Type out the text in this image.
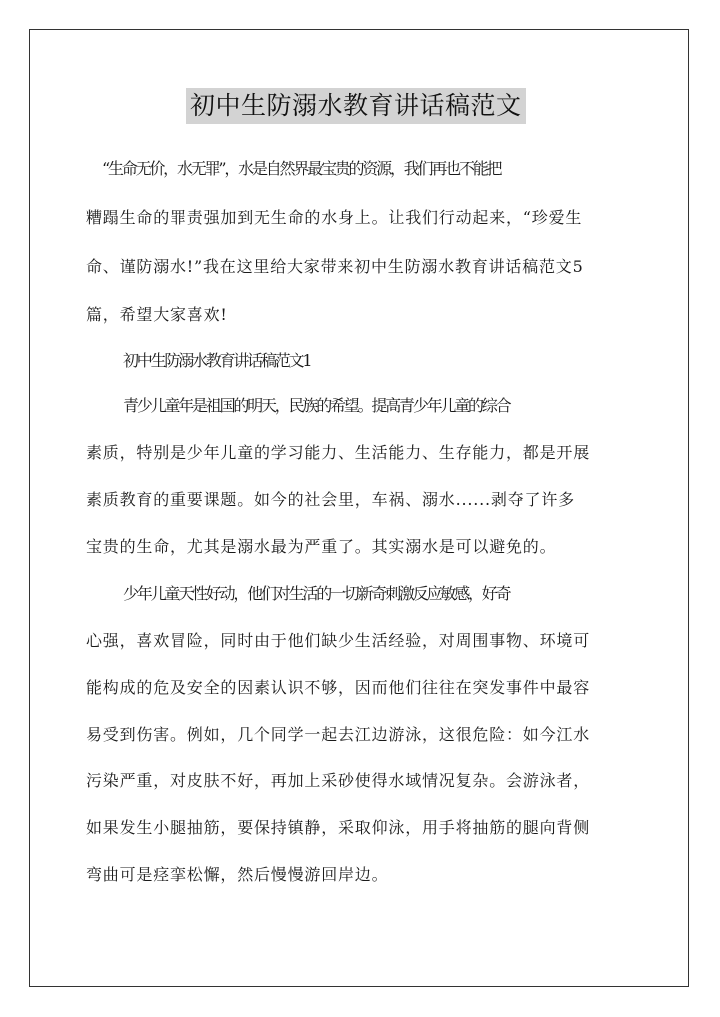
初中生防溺水教育讲话稿范文
“生命无价，水无罪”，水是自然界最宝贵的资源，我们再也不能把
糟蹋生命的罪责强加到无生命的水身上。让我们行动起来，“珍爱生
命、谨防溺水!”我在这里给大家带来初中生防溺水教育讲话稿范文5
篇，希望大家喜欢!
初中生防溺水教育讲话稿范文1
青少儿童年是祖国的明天，民族的希望。提高青少年儿童的综合
素质，特别是少年儿童的学习能力、生活能力、生存能力，都是开展
素质教育的重要课题。如今的社会里，车祸、溺水......剥夺了许多
宝贵的生命，尤其是溺水最为严重了。其实溺水是可以避免的。
少年儿童天性好动，他们对生活的一切新奇刺激反应敏感，好奇
心强，喜欢冒险，同时由于他们缺少生活经验，对周围事物、环境可
能构成的危及安全的因素认识不够，因而他们往往在突发事件中最容
易受到伤害。例如，几个同学一起去江边游泳，这很危险：如今江水
污染严重，对皮肤不好，再加上采砂使得水域情况复杂。会游泳者，
如果发生小腿抽筋，要保持镇静，采取仰泳，用手将抽筋的腿向背侧
弯曲可是痉挛松懈，然后慢慢游回岸边。
